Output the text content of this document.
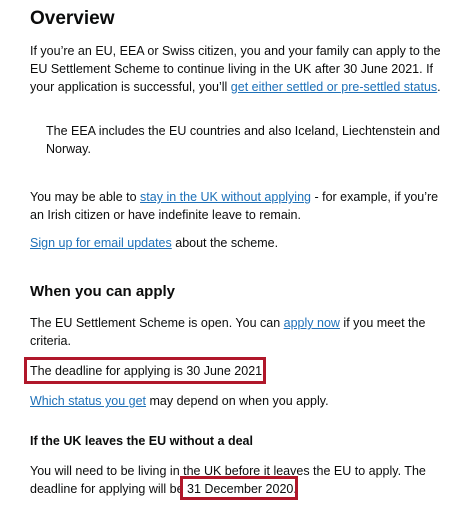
Overview

If you’re an EU, EEA or Swiss citizen, you and your family can apply to the EU Settlement Scheme to continue living in the UK after 30 June 2021. If your application is successful, you’ll get either settled or pre-settled status.

The EEA includes the EU countries and also Iceland, Liechtenstein and Norway.

You may be able to stay in the UK without applying - for example, if you’re an Irish citizen or have indefinite leave to remain.

Sign up for email updates about the scheme.

When you can apply

The EU Settlement Scheme is open. You can apply now if you meet the criteria.

The deadline for applying is 30 June 2021.

Which status you get may depend on when you apply.

If the UK leaves the EU without a deal

You will need to be living in the UK before it leaves the EU to apply. The deadline for applying will be 31 December 2020.
